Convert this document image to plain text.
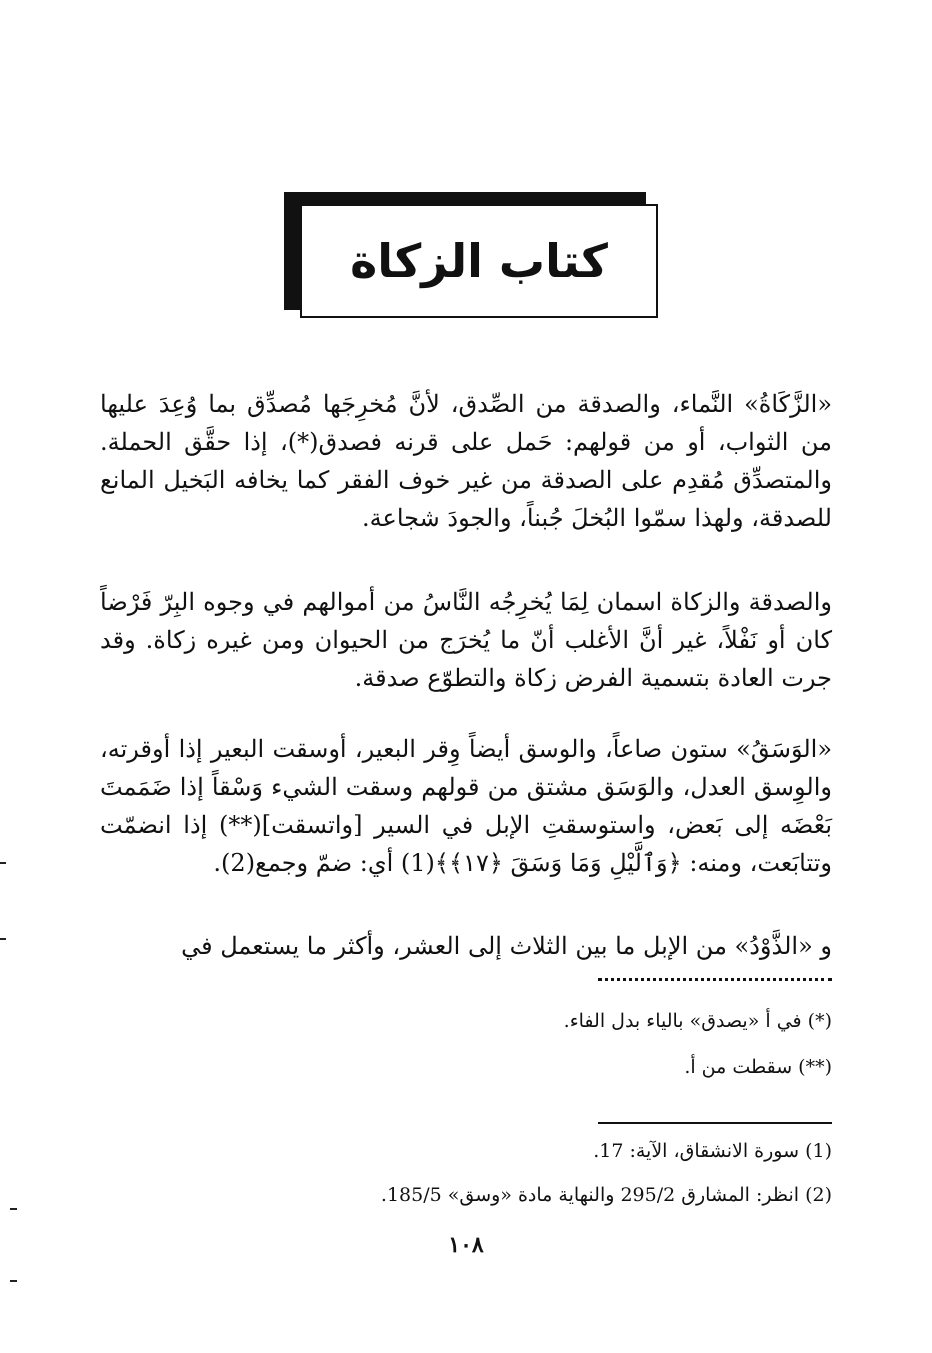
كتاب الزكاة

«الزَّكَاةُ» النَّماء، والصدقة من الصِّدق، لأنَّ مُخرِجَها مُصدِّق بما وُعِدَ عليها من الثواب، أو من قولهم: حَمل على قرنه فصدق(*)، إذا حقَّق الحملة. والمتصدِّق مُقدِم على الصدقة من غير خوف الفقر كما يخافه البَخيل المانع للصدقة، ولهذا سمّوا البُخلَ جُبناً، والجودَ شجاعة.

والصدقة والزكاة اسمان لِمَا يُخرِجُه النَّاسُ من أموالهم في وجوه البِرّ فَرْضاً كان أو نَفْلاً، غير أنَّ الأغلب أنّ ما يُخرَج من الحيوان ومن غيره زكاة. وقد جرت العادة بتسمية الفرض زكاة والتطوّع صدقة.

«الوَسَقُ» ستون صاعاً، والوسق أيضاً وِقر البعير، أوسقت البعير إذا أوقرته، والوِسق العدل، والوَسَق مشتق من قولهم وسقت الشيء وَسْقاً إذا ضَمَمتَ بَعْضَه إلى بَعض، واستوسقتِ الإبل في السير [واتسقت](**) إذا انضمّت وتتابَعت، ومنه: ﴿وَٱلَّيْلِ وَمَا وَسَقَ ﴿١٧﴾﴾(1) أي: ضمّ وجمع(2).

و «الذَّوْدُ» من الإبل ما بين الثلاث إلى العشر، وأكثر ما يستعمل في

(*) في أ «يصدق» بالياء بدل الفاء.

(**) سقطت من أ.

(1) سورة الانشقاق، الآية: 17.

(2) انظر: المشارق 295/2 والنهاية مادة «وسق» 185/5.

١٠٨
